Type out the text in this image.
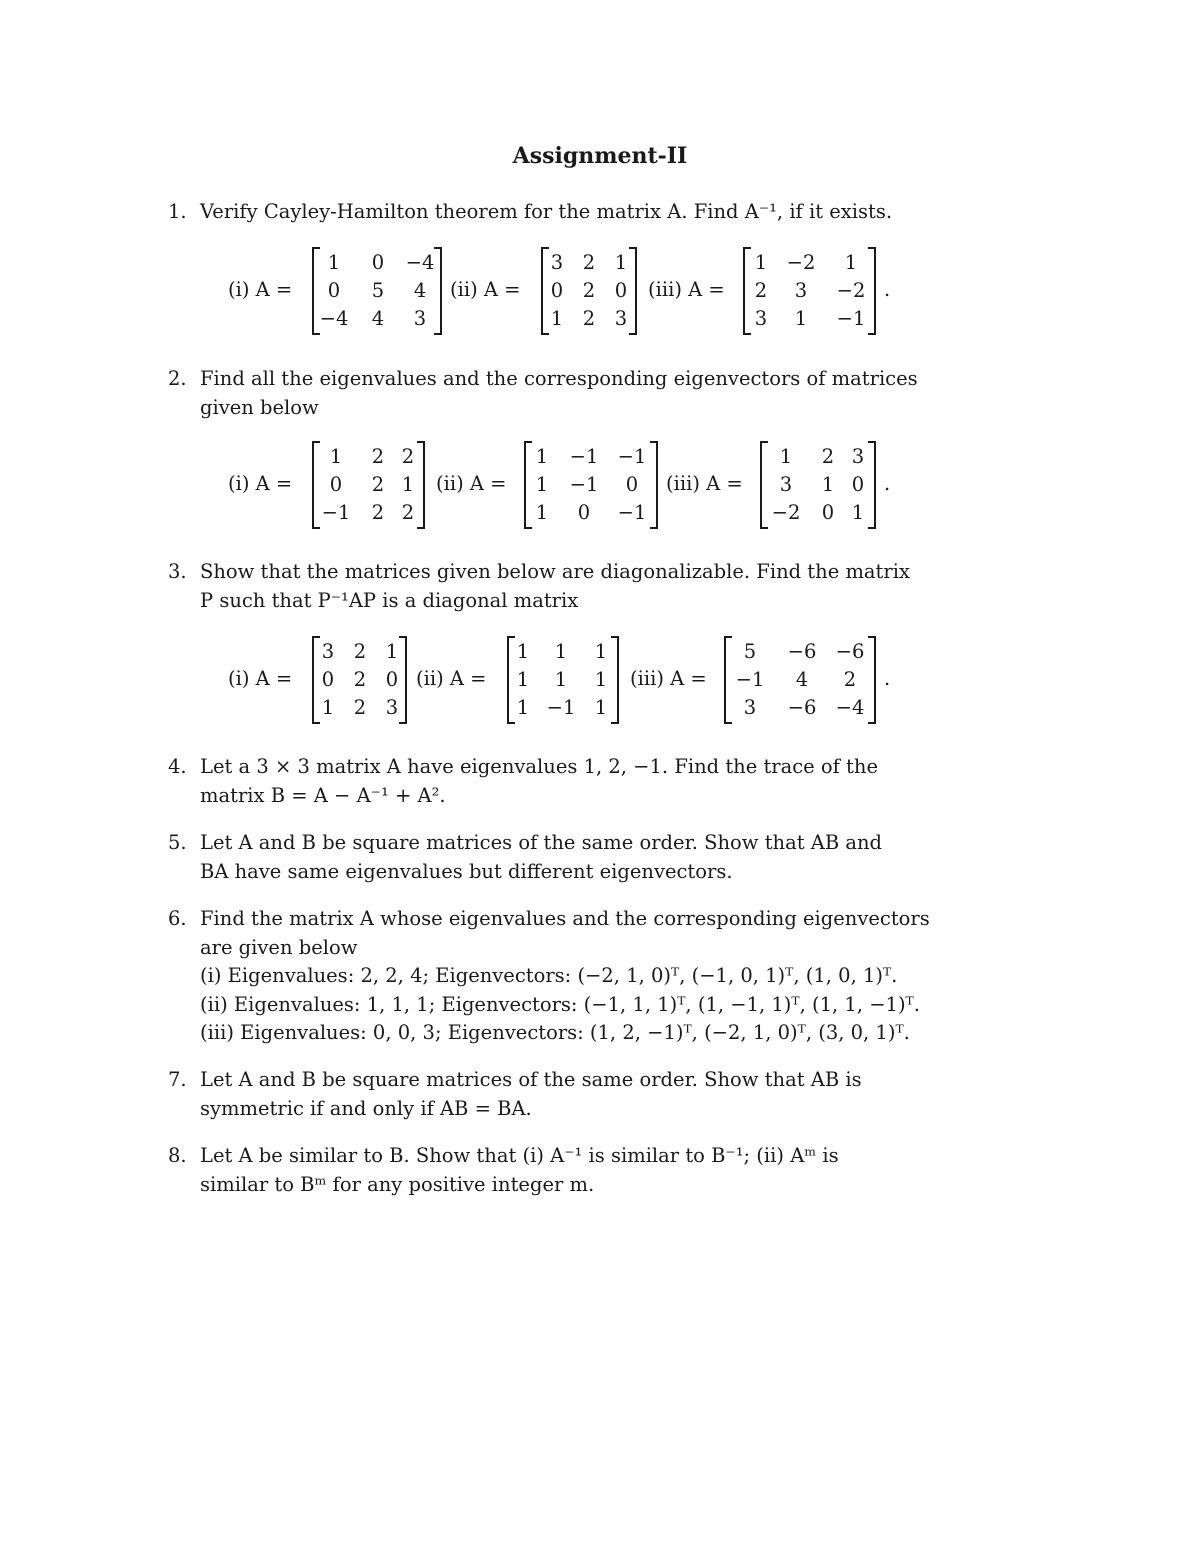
Assignment-II
1. Verify Cayley-Hamilton theorem for the matrix A. Find A⁻¹, if it exists.
(i) A =
1	0	−4
0	5	4
−4	4	3
(ii) A =
3	2	1
0	2	0
1	2	3
(iii) A =
1 −2	1
2	3	−2
3	1	−1
.
2. Find all the eigenvalues and the corresponding eigenvectors of matrices
given below
(i) A =
1	2 2
0	2 1
−1	2 2
(ii) A =
1	−1 −1
1	−1	0
1	0	−1
(iii) A =
1	2 3
3	1 0
−2	0 1
.
3. Show that the matrices given below are diagonalizable. Find the matrix
P such that P⁻¹AP is a diagonal matrix
(i) A =
3	2	1
0	2	0
1	2	3
(ii) A =
1	1	1
1	1	1
1 −1 1
(iii) A =
5	−6 −6
−1	4	2
3	−6 −4
.
4. Let a 3 × 3 matrix A have eigenvalues 1, 2, −1. Find the trace of the
matrix B = A − A⁻¹ + A².
5. Let A and B be square matrices of the same order. Show that AB and
BA have same eigenvalues but different eigenvectors.
6. Find the matrix A whose eigenvalues and the corresponding eigenvectors
are given below
(i) Eigenvalues: 2, 2, 4; Eigenvectors: (−2, 1, 0)ᵀ, (−1, 0, 1)ᵀ, (1, 0, 1)ᵀ.
(ii) Eigenvalues: 1, 1, 1; Eigenvectors: (−1, 1, 1)ᵀ, (1, −1, 1)ᵀ, (1, 1, −1)ᵀ.
(iii) Eigenvalues: 0, 0, 3; Eigenvectors: (1, 2, −1)ᵀ, (−2, 1, 0)ᵀ, (3, 0, 1)ᵀ.
7. Let A and B be square matrices of the same order. Show that AB is
symmetric if and only if AB = BA.
8. Let A be similar to B. Show that (i) A⁻¹ is similar to B⁻¹; (ii) Aᵐ is
similar to Bᵐ for any positive integer m.
